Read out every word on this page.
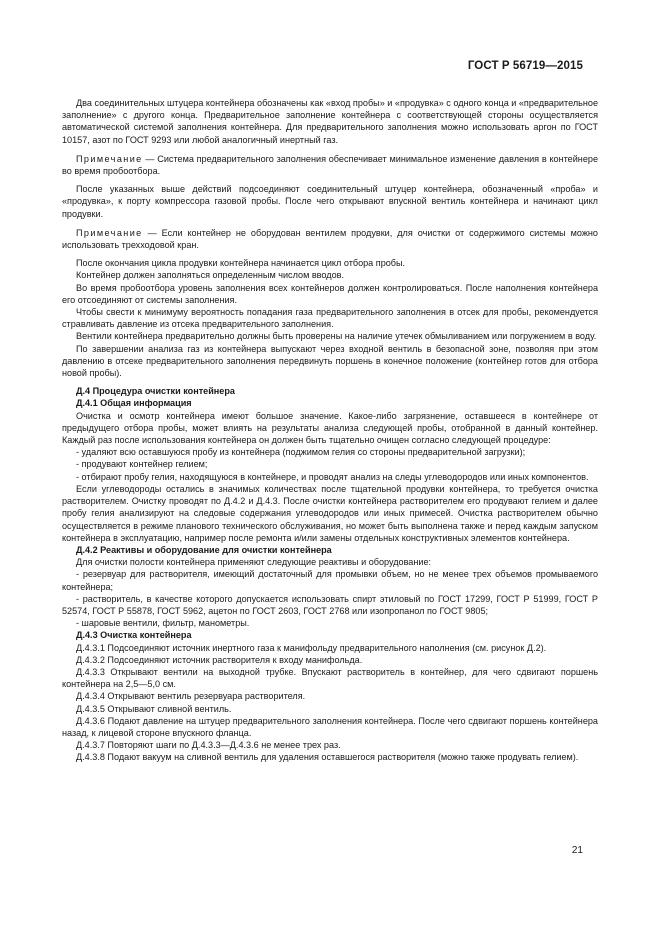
ГОСТ Р 56719—2015

Два соединительных штуцера контейнера обозначены как «вход пробы» и «продувка» с одного конца и «предварительное заполнение» с другого конца. Предварительное заполнение контейнера с соответствующей стороны осуществляется автоматической системой заполнения контейнера. Для предварительного заполнения можно использовать аргон по ГОСТ 10157, азот по ГОСТ 9293 или любой аналогичный инертный газ.

Примечание — Система предварительного заполнения обеспечивает минимальное изменение давления в контейнере во время пробоотбора.

После указанных выше действий подсоединяют соединительный штуцер контейнера, обозначенный «проба» и «продувка», к порту компрессора газовой пробы. После чего открывают впускной вентиль контейнера и начинают цикл продувки.

Примечание — Если контейнер не оборудован вентилем продувки, для очистки от содержимого системы можно использовать трехходовой кран.

После окончания цикла продувки контейнера начинается цикл отбора пробы.

Контейнер должен заполняться определенным числом вводов.

Во время пробоотбора уровень заполнения всех контейнеров должен контролироваться. После наполнения контейнера его отсоединяют от системы заполнения.

Чтобы свести к минимуму вероятность попадания газа предварительного заполнения в отсек для пробы, рекомендуется стравливать давление из отсека предварительного заполнения.

Вентили контейнера предварительно должны быть проверены на наличие утечек обмыливанием или погружением в воду.

По завершении анализа газ из контейнера выпускают через входной вентиль в безопасной зоне, позволяя при этом давлению в отсеке предварительного заполнения передвинуть поршень в конечное положение (контейнер готов для отбора новой пробы).

Д.4 Процедура очистки контейнера
Д.4.1 Общая информация

Очистка и осмотр контейнера имеют большое значение. Какое-либо загрязнение, оставшееся в контейнере от предыдущего отбора пробы, может влиять на результаты анализа следующей пробы, отобранной в данный контейнер. Каждый раз после использования контейнера он должен быть тщательно очищен согласно следующей процедуре:

- удаляют всю оставшуюся пробу из контейнера (поджимом гелия со стороны предварительной загрузки);

- продувают контейнер гелием;

- отбирают пробу гелия, находящуюся в контейнере, и проводят анализ на следы углеводородов или иных компонентов.

Если углеводороды остались в значимых количествах после тщательной продувки контейнера, то требуется очистка растворителем. Очистку проводят по Д.4.2 и Д.4.3. После очистки контейнера растворителем его продувают гелием и далее пробу гелия анализируют на следовые содержания углеводородов или иных примесей. Очистка растворителем обычно осуществляется в режиме планового технического обслуживания, но может быть выполнена также и перед каждым запуском контейнера в эксплуатацию, например после ремонта и/или замены отдельных конструктивных элементов контейнера.

Д.4.2 Реактивы и оборудование для очистки контейнера

Для очистки полости контейнера применяют следующие реактивы и оборудование:

- резервуар для растворителя, имеющий достаточный для промывки объем, но не менее трех объемов промываемого контейнера;

- растворитель, в качестве которого допускается использовать спирт этиловый по ГОСТ 17299, ГОСТ Р 51999, ГОСТ Р 52574, ГОСТ Р 55878, ГОСТ 5962, ацетон по ГОСТ 2603, ГОСТ 2768 или изопропанол по ГОСТ 9805;

- шаровые вентили, фильтр, манометры.

Д.4.3 Очистка контейнера

Д.4.3.1 Подсоединяют источник инертного газа к манифольду предварительного наполнения (см. рисунок Д.2).

Д.4.3.2 Подсоединяют источник растворителя к входу манифольда.

Д.4.3.3 Открывают вентили на выходной трубке. Впускают растворитель в контейнер, для чего сдвигают поршень контейнера на 2,5—5,0 см.

Д.4.3.4 Открывают вентиль резервуара растворителя.

Д.4.3.5 Открывают сливной вентиль.

Д.4.3.6 Подают давление на штуцер предварительного заполнения контейнера. После чего сдвигают поршень контейнера назад, к лицевой стороне впускного фланца.

Д.4.3.7 Повторяют шаги по Д.4.3.3—Д.4.3.6 не менее трех раз.

Д.4.3.8 Подают вакуум на сливной вентиль для удаления оставшегося растворителя (можно также продувать гелием).

21
